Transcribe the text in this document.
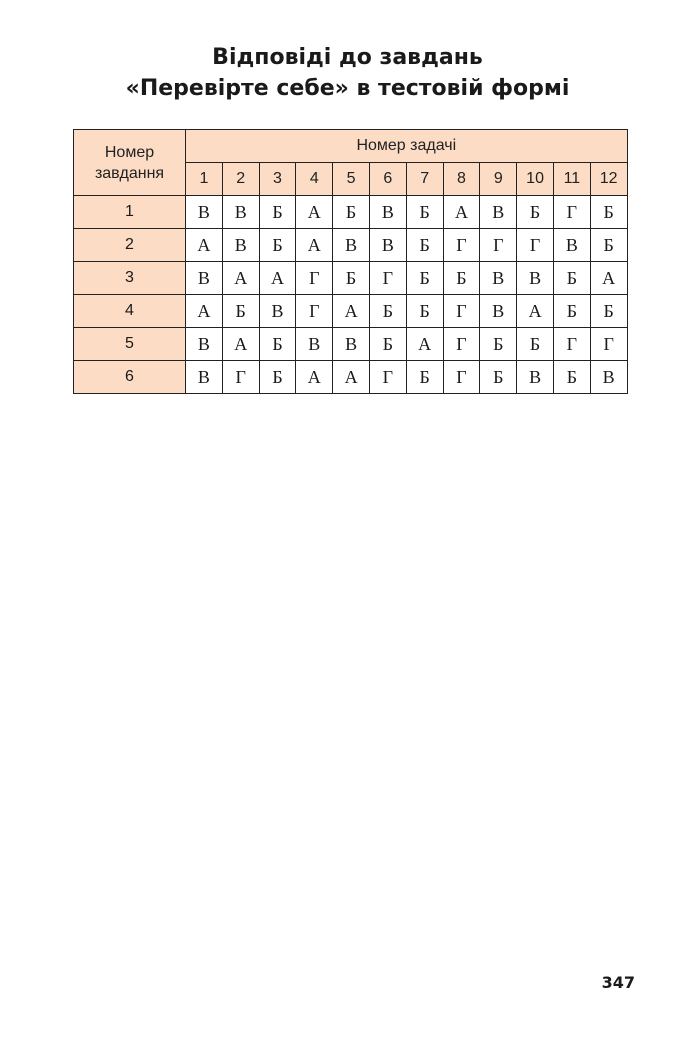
Відповіді до завдань
«Перевірте себе» в тестовій формі
Номер
завдання	Номер задачі											
	1	2	3	4	5	6	7	8	9	10	11	12
1	В	В	Б	А	Б	В	Б	А	В	Б	Г	Б
2	А	В	Б	А	В	В	Б	Г	Г	Г	В	Б
3	В	А	А	Г	Б	Г	Б	Б	В	В	Б	А
4	А	Б	В	Г	А	Б	Б	Г	В	А	Б	Б
5	В	А	Б	В	В	Б	А	Г	Б	Б	Г	Г
6	В	Г	Б	А	А	Г	Б	Г	Б	В	Б	В
347
